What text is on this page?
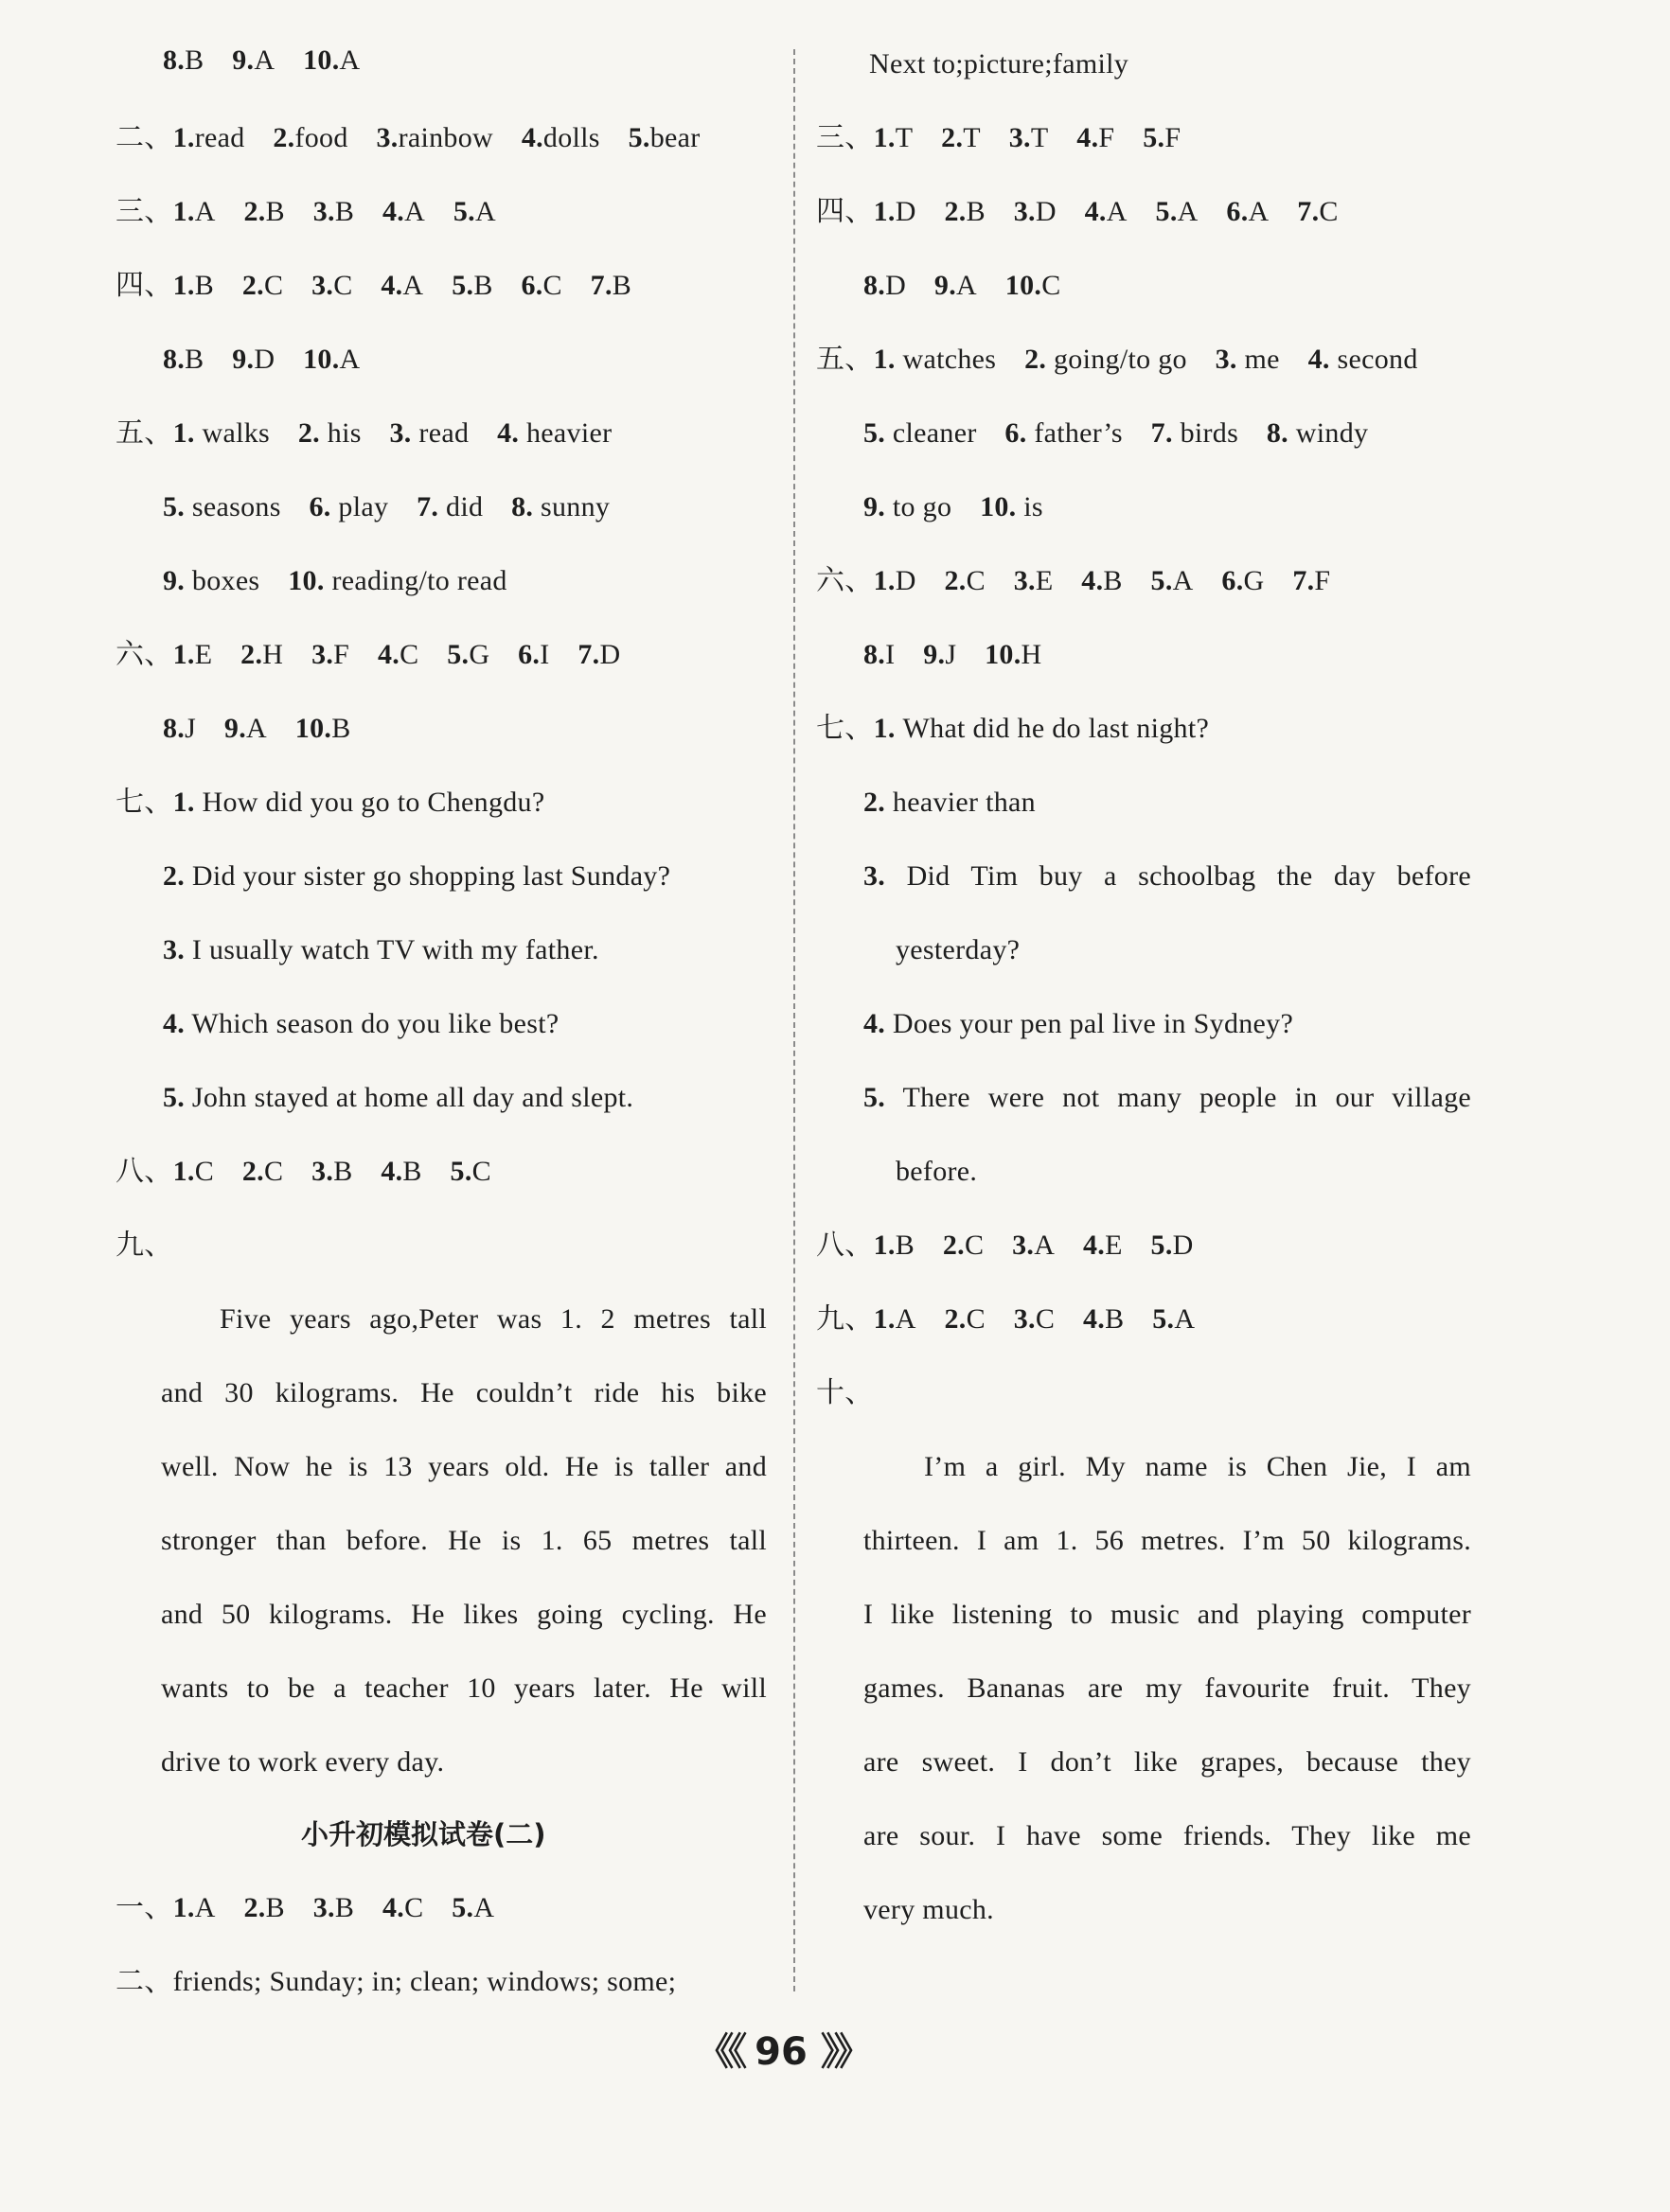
8.B 9.A 10.A
二、1.read 2.food 3.rainbow 4.dolls 5.bear
三、1.A 2.B 3.B 4.A 5.A
四、1.B 2.C 3.C 4.A 5.B 6.C 7.B
8.B 9.D 10.A
五、1. walks 2. his 3. read 4. heavier
5. seasons 6. play 7. did 8. sunny
9. boxes 10. reading/to read
六、1.E 2.H 3.F 4.C 5.G 6.I 7.D
8.J 9.A 10.B
七、1. How did you go to Chengdu?
2. Did your sister go shopping last Sunday?
3. I usually watch TV with my father.
4. Which season do you like best?
5. John stayed at home all day and slept.
八、1.C 2.C 3.B 4.B 5.C
九、
Five years ago,Peter was 1. 2 metres tall
and 30 kilograms. He couldn’t ride his bike
well. Now he is 13 years old. He is taller and
stronger than before. He is 1. 65 metres tall
and 50 kilograms. He likes going cycling. He
wants to be a teacher 10 years later. He will
drive to work every day.
小升初模拟试卷(二)
一、1.A 2.B 3.B 4.C 5.A
二、friends; Sunday; in; clean; windows; some;
Next to;picture;family
三、1.T 2.T 3.T 4.F 5.F
四、1.D 2.B 3.D 4.A 5.A 6.A 7.C
8.D 9.A 10.C
五、1. watches 2. going/to go 3. me 4. second
5. cleaner 6. father’s 7. birds 8. windy
9. to go 10. is
六、1.D 2.C 3.E 4.B 5.A 6.G 7.F
8.I 9.J 10.H
七、1. What did he do last night?
2. heavier than
3. Did Tim buy a schoolbag the day before
yesterday?
4. Does your pen pal live in Sydney?
5. There were not many people in our village
before.
八、1.B 2.C 3.A 4.E 5.D
九、1.A 2.C 3.C 4.B 5.A
十、
I’m a girl. My name is Chen Jie, I am
thirteen. I am 1. 56 metres. I’m 50 kilograms.
I like listening to music and playing computer
games. Bananas are my favourite fruit. They
are sweet. I don’t like grapes, because they
are sour. I have some friends. They like me
very much.
《《 96 》》
